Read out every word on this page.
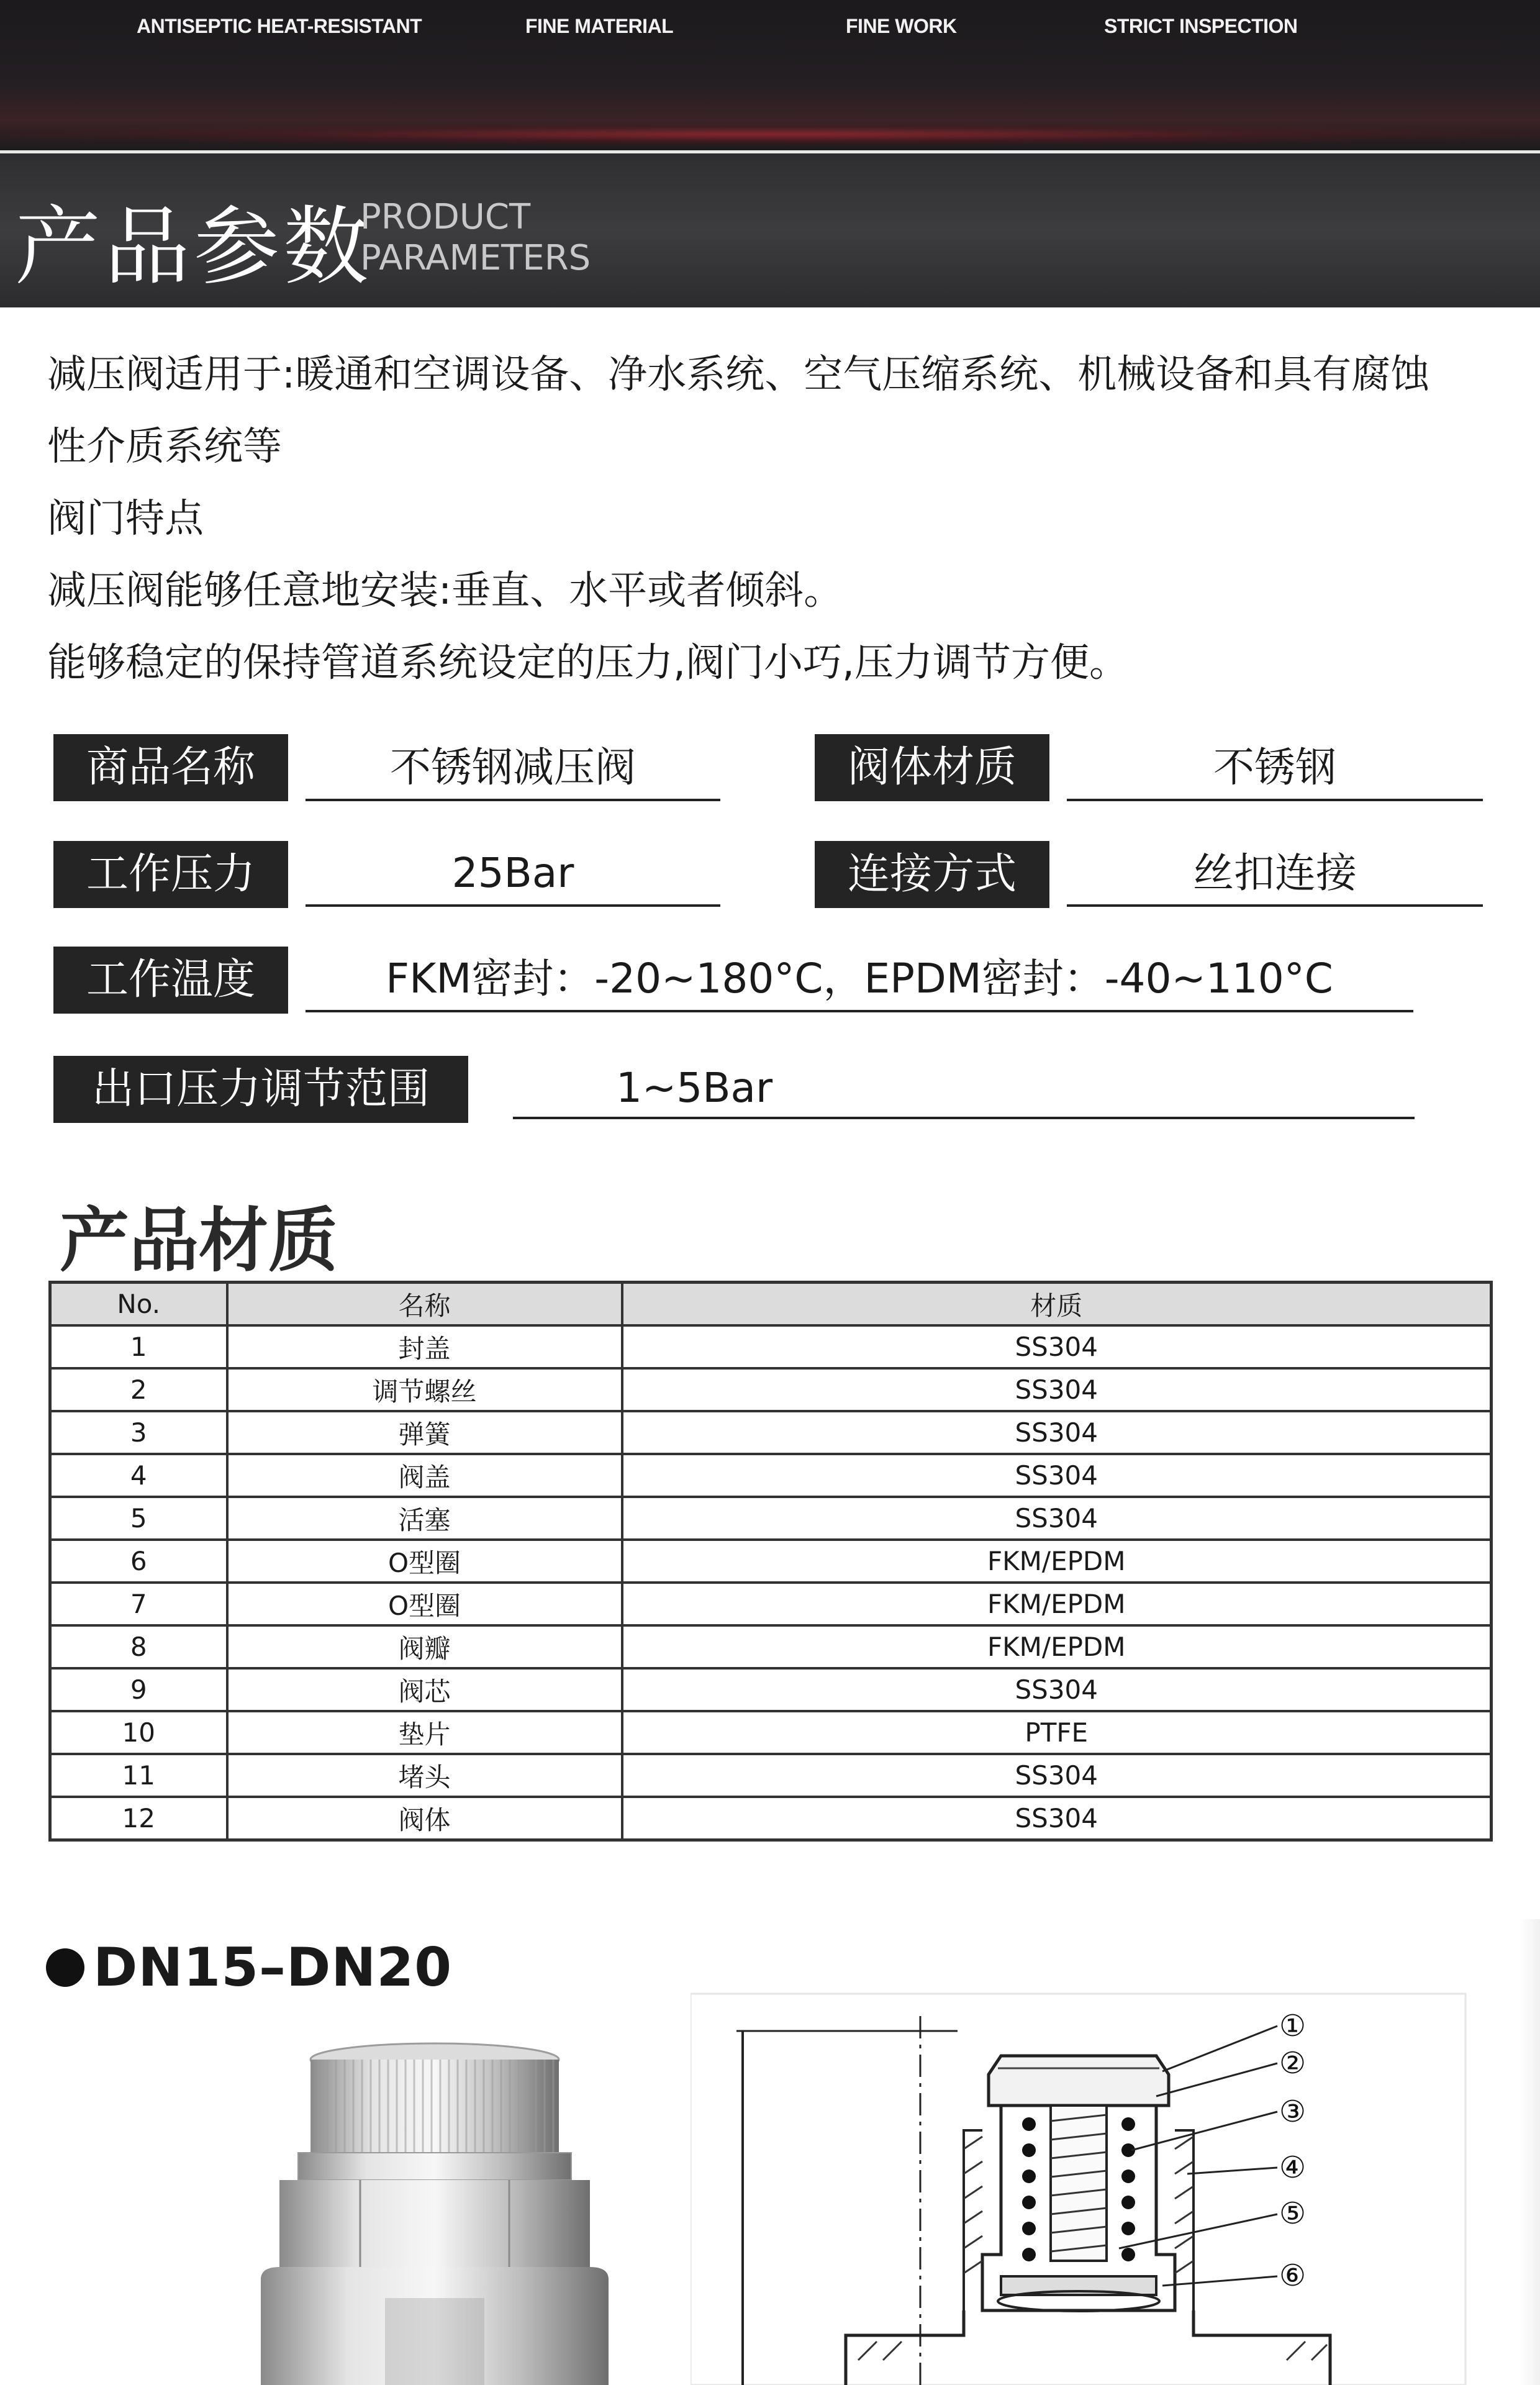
ANTISEPTIC HEAT-RESISTANT	FINE MATERIAL	FINE WORK	STRICT INSPECTION
产品参数
PRODUCT
PARAMETERS

减压阀适用于:暖通和空调设备、净水系统、空气压缩系统、机械设备和具有腐蚀

性介质系统等

阀门特点

减压阀能够任意地安装:垂直、水平或者倾斜。

能够稳定的保持管道系统设定的压力,阀门小巧,压力调节方便。

商品名称	不锈钢减压阀	阀体材质	不锈钢
工作压力	25Bar	连接方式	丝扣连接
工作温度	FKM密封：-20~180°C，EPDM密封：-40~110°C
出口压力调节范围	1~5Bar
产品材质
No.	名称	材质
1	封盖	SS304
2	调节螺丝	SS304
3	弹簧	SS304
4	阀盖	SS304
5	活塞	SS304
6	O型圈	FKM/EPDM
7	O型圈	FKM/EPDM
8	阀瓣	FKM/EPDM
9	阀芯	SS304
10	垫片	PTFE
11	堵头	SS304
12	阀体	SS304
DN15–DN20
①
②
③
④
⑤
⑥
